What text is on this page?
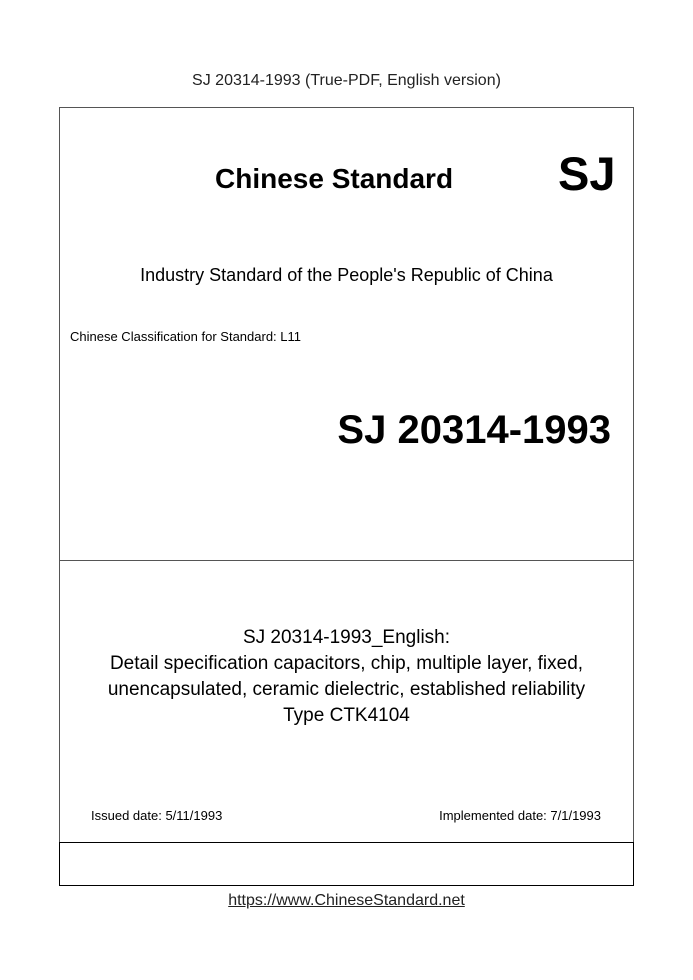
SJ 20314-1993 (True-PDF, English version)
Chinese Standard SJ
Industry Standard of the People's Republic of China
Chinese Classification for Standard: L11
SJ 20314-1993
SJ 20314-1993_English:
Detail specification capacitors, chip, multiple layer, fixed,
unencapsulated, ceramic dielectric, established reliability
Type CTK4104
Issued date: 5/11/1993	Implemented date: 7/1/1993
https://www.ChineseStandard.net
